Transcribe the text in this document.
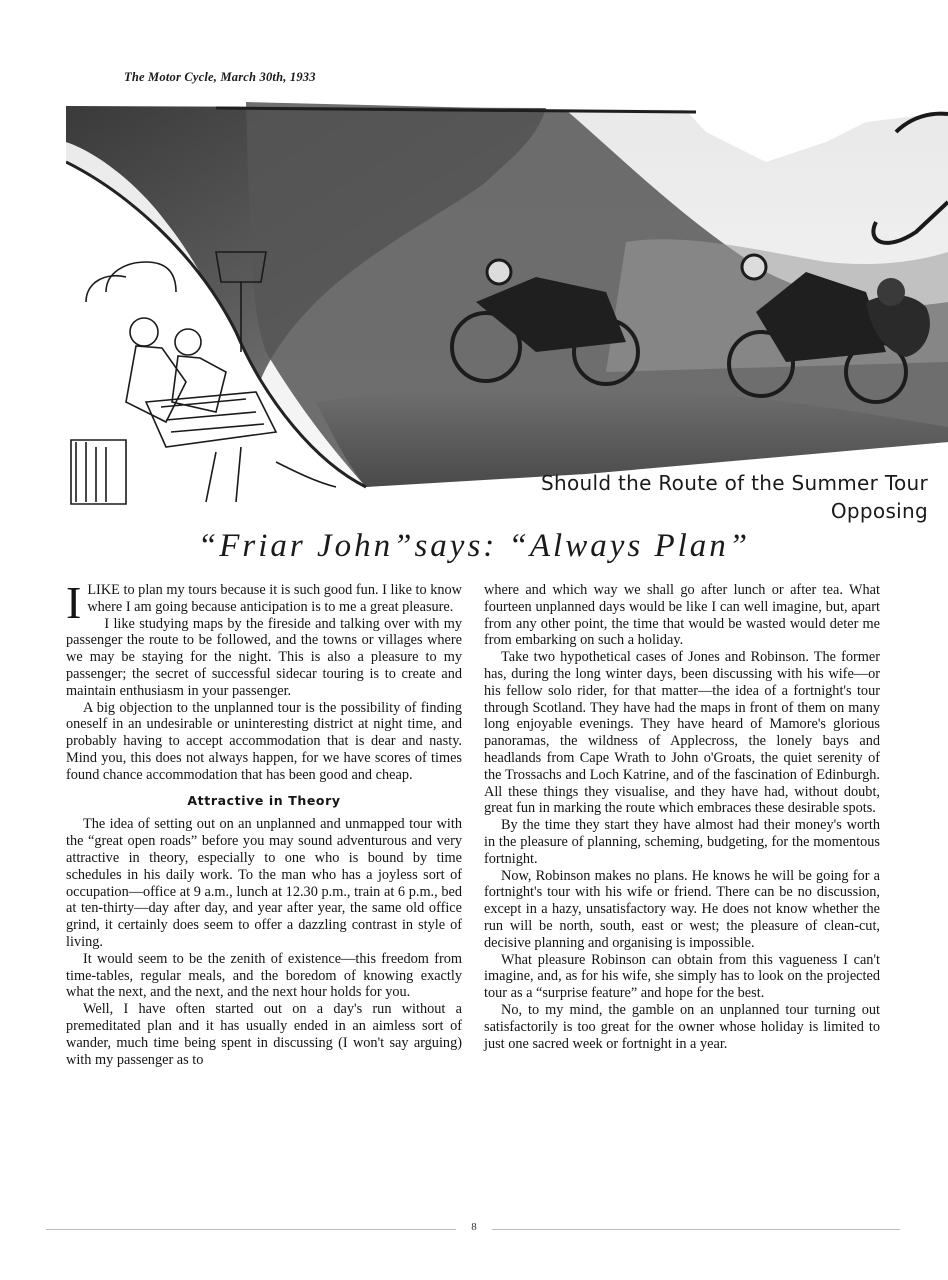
The Motor Cycle, March 30th, 1933
Should the Route of the Summer Tour
Opposing
“Friar John”says: “Always Plan”

ILIKE to plan my tours because it is such good fun. I like to know where I am going because anticipation is to me a great pleasure.

I like studying maps by the fireside and talking over with my passenger the route to be followed, and the towns or villages where we may be staying for the night. This is also a pleasure to my passenger; the secret of successful sidecar touring is to create and maintain enthusiasm in your passenger.

A big objection to the unplanned tour is the possibility of finding oneself in an undesirable or uninteresting district at night time, and probably having to accept accommodation that is dear and nasty. Mind you, this does not always happen, for we have scores of times found chance accommodation that has been good and cheap.

Attractive in Theory

The idea of setting out on an unplanned and unmapped tour with the “great open roads” before you may sound adventurous and very attractive in theory, especially to one who is bound by time schedules in his daily work. To the man who has a joyless sort of occupation—office at 9 a.m., lunch at 12.30 p.m., train at 6 p.m., bed at ten-thirty—day after day, and year after year, the same old office grind, it certainly does seem to offer a dazzling contrast in style of living.

It would seem to be the zenith of existence—this freedom from time-tables, regular meals, and the boredom of knowing exactly what the next, and the next, and the next hour holds for you.

Well, I have often started out on a day's run without a premeditated plan and it has usually ended in an aimless sort of wander, much time being spent in discussing (I won't say arguing) with my passenger as to

where and which way we shall go after lunch or after tea. What fourteen unplanned days would be like I can well imagine, but, apart from any other point, the time that would be wasted would deter me from embarking on such a holiday.

Take two hypothetical cases of Jones and Robinson. The former has, during the long winter days, been discussing with his wife—or his fellow solo rider, for that matter—the idea of a fortnight's tour through Scotland. They have had the maps in front of them on many long enjoyable evenings. They have heard of Mamore's glorious panoramas, the wildness of Applecross, the lonely bays and headlands from Cape Wrath to John o'Groats, the quiet serenity of the Trossachs and Loch Katrine, and of the fascination of Edinburgh. All these things they visualise, and they have had, without doubt, great fun in marking the route which embraces these desirable spots.

By the time they start they have almost had their money's worth in the pleasure of planning, scheming, budgeting, for the momentous fortnight.

Now, Robinson makes no plans. He knows he will be going for a fortnight's tour with his wife or friend. There can be no discussion, except in a hazy, unsatisfactory way. He does not know whether the run will be north, south, east or west; the pleasure of clean-cut, decisive planning and organising is impossible.

What pleasure Robinson can obtain from this vagueness I can't imagine, and, as for his wife, she simply has to look on the projected tour as a “surprise feature” and hope for the best.

No, to my mind, the gamble on an unplanned tour turning out satisfactorily is too great for the owner whose holiday is limited to just one sacred week or fortnight in a year.

8
